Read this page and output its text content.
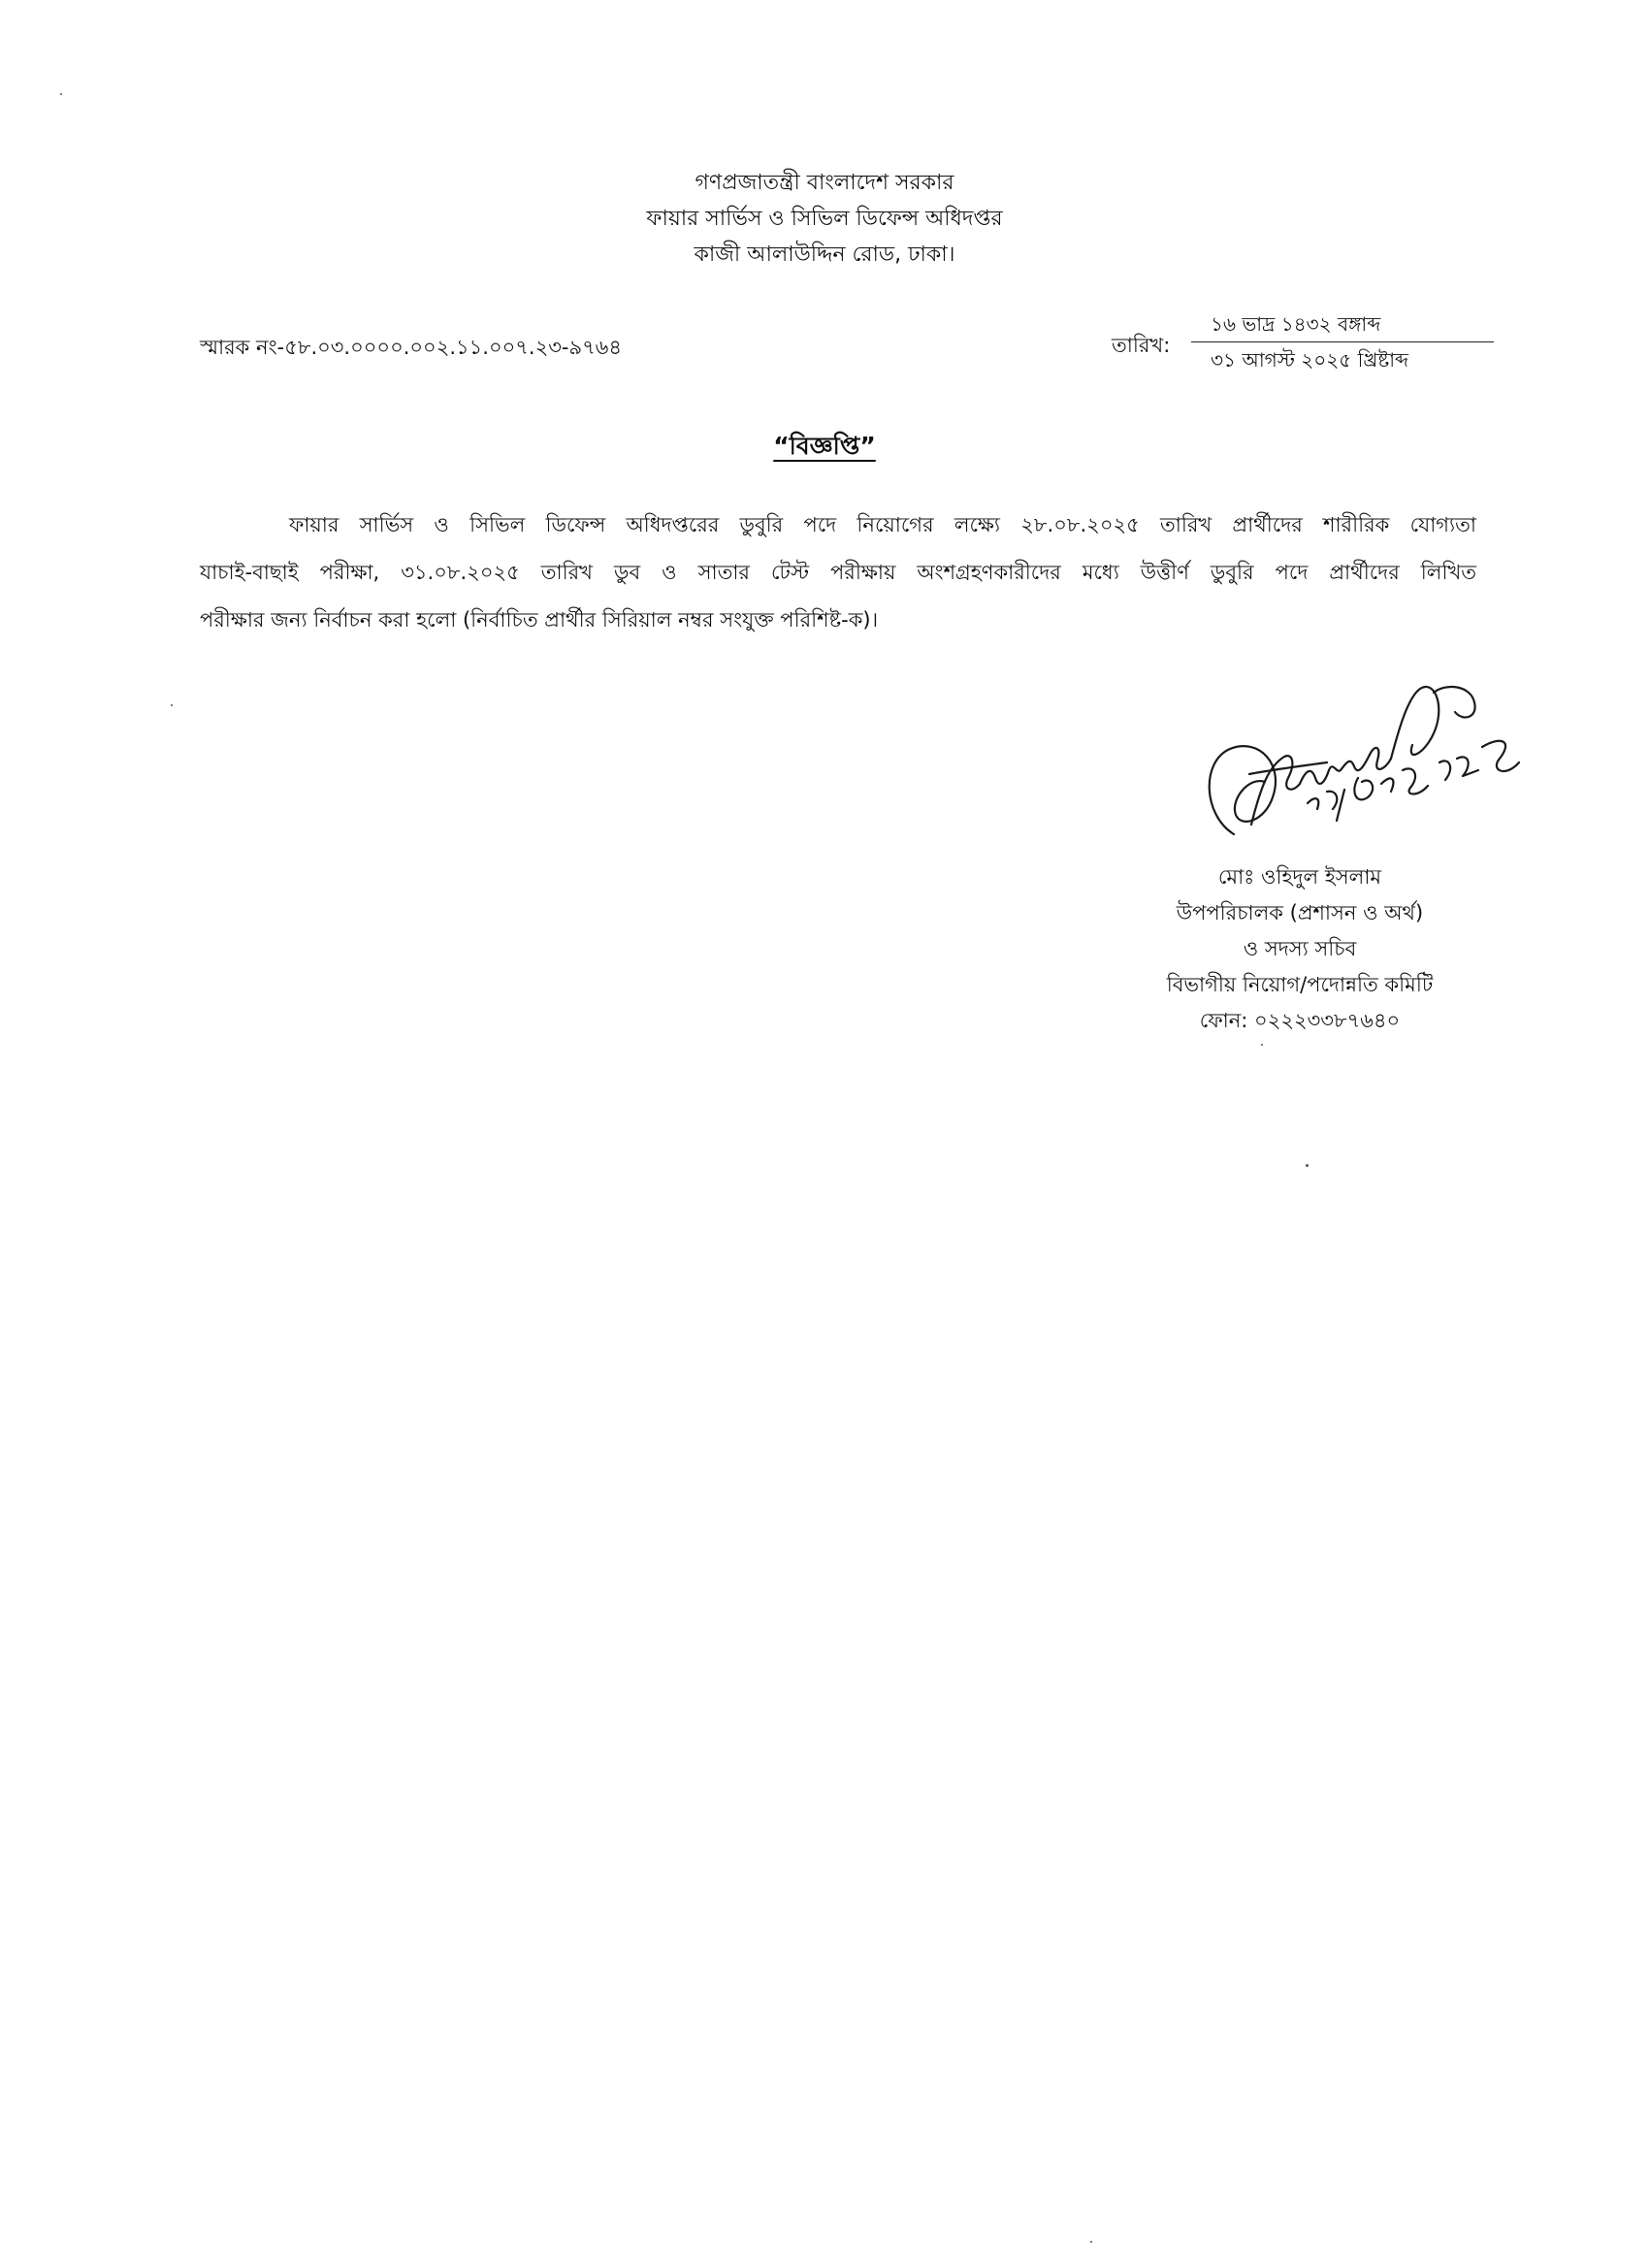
গণপ্রজাতন্ত্রী বাংলাদেশ সরকার
ফায়ার সার্ভিস ও সিভিল ডিফেন্স অধিদপ্তর
কাজী আলাউদ্দিন রোড, ঢাকা।
স্মারক নং-৫৮.০৩.০০০০.০০২.১১.০০৭.২৩-৯৭৬৪	তারিখ:
১৬ ভাদ্র ১৪৩২ বঙ্গাব্দ
৩১ আগস্ট ২০২৫ খ্রিষ্টাব্দ
“বিজ্ঞপ্তি”
ফায়ার সার্ভিস ও সিভিল ডিফেন্স অধিদপ্তরের ডুবুরি পদে নিয়োগের লক্ষ্যে ২৮.০৮.২০২৫ তারিখ প্রার্থীদের শারীরিক যোগ্যতা
যাচাই-বাছাই পরীক্ষা, ৩১.০৮.২০২৫ তারিখ ডুব ও সাতার টেস্ট পরীক্ষায় অংশগ্রহণকারীদের মধ্যে উত্তীর্ণ ডুবুরি পদে প্রার্থীদের লিখিত
পরীক্ষার জন্য নির্বাচন করা হলো (নির্বাচিত প্রার্থীর সিরিয়াল নম্বর সংযুক্ত পরিশিষ্ট-ক)।
৩১/৮/২০২৫
মোঃ ওহিদুল ইসলাম
উপপরিচালক (প্রশাসন ও অর্থ)
ও সদস্য সচিব
বিভাগীয় নিয়োগ/পদোন্নতি কমিটি
ফোন: ০২২২৩৩৮৭৬৪০
